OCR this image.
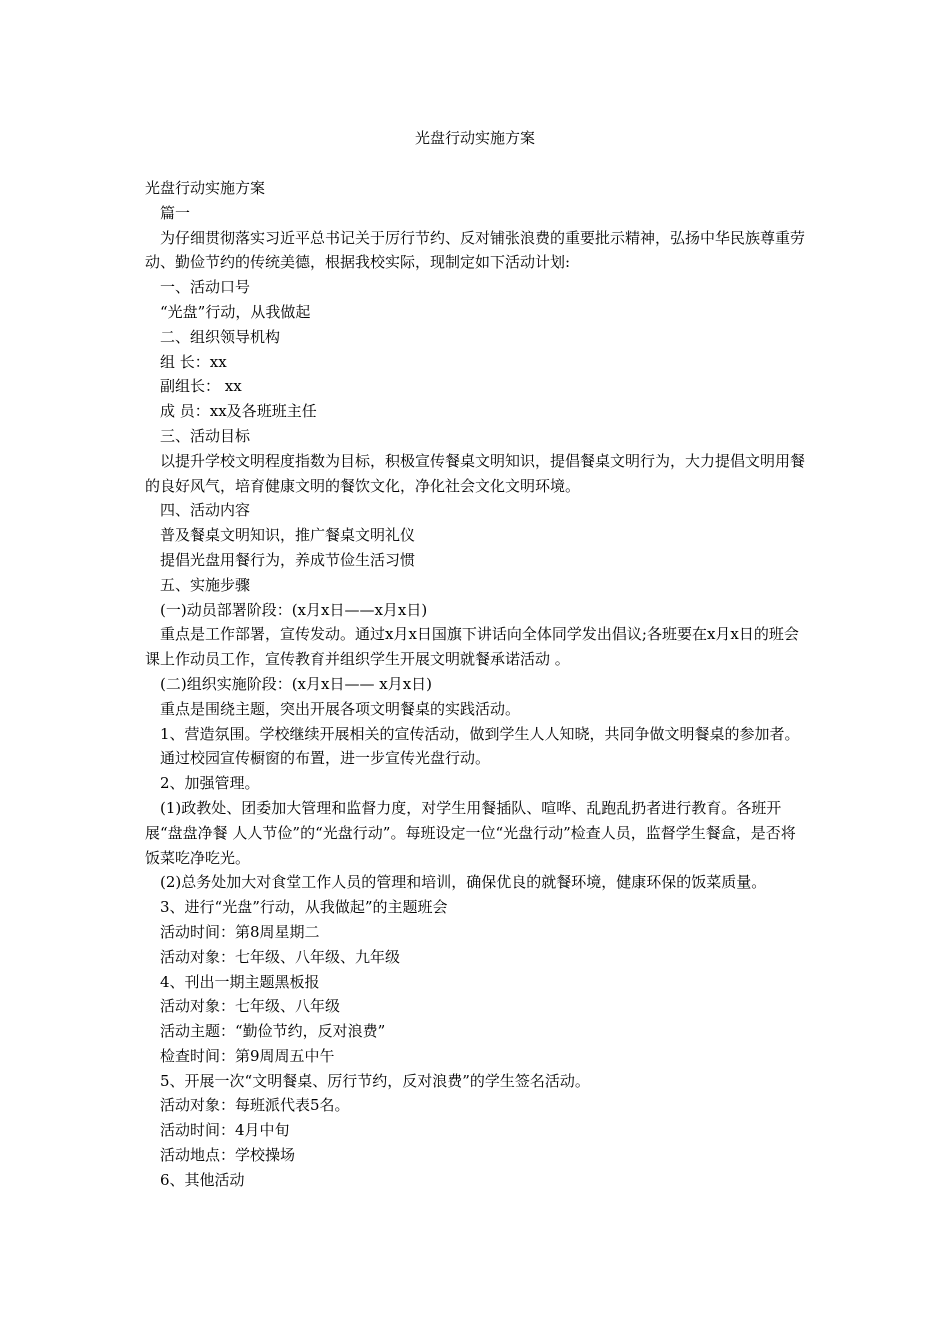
光盘行动实施方案

光盘行动实施方案

篇一

为仔细贯彻落实习近平总书记关于厉行节约、反对铺张浪费的重要批示精神，弘扬中华民族尊重劳动、勤俭节约的传统美德，根据我校实际，现制定如下活动计划:

一、活动口号

“光盘”行动，从我做起

二、组织领导机构

组 长：xx

副组长： xx

成 员：xx及各班班主任

三、活动目标

以提升学校文明程度指数为目标，积极宣传餐桌文明知识，提倡餐桌文明行为，大力提倡文明用餐的良好风气，培育健康文明的餐饮文化，净化社会文化文明环境。

四、活动内容

普及餐桌文明知识，推广餐桌文明礼仪

提倡光盘用餐行为，养成节俭生活习惯

五、实施步骤

(一)动员部署阶段：(x月x日——x月x日)

重点是工作部署，宣传发动。通过x月x日国旗下讲话向全体同学发出倡议;各班要在x月x日的班会课上作动员工作，宣传教育并组织学生开展文明就餐承诺活动 。

(二)组织实施阶段：(x月x日—— x月x日)

重点是围绕主题，突出开展各项文明餐桌的实践活动。

1、营造氛围。学校继续开展相关的宣传活动，做到学生人人知晓，共同争做文明餐桌的参加者。

通过校园宣传橱窗的布置，进一步宣传光盘行动。

2、加强管理。

(1)政教处、团委加大管理和监督力度，对学生用餐插队、喧哗、乱跑乱扔者进行教育。各班开展“盘盘净餐 人人节俭”的“光盘行动”。每班设定一位“光盘行动”检查人员，监督学生餐盒，是否将饭菜吃净吃光。

(2)总务处加大对食堂工作人员的管理和培训，确保优良的就餐环境，健康环保的饭菜质量。

3、进行“光盘”行动，从我做起”的主题班会

活动时间：第8周星期二

活动对象：七年级、八年级、九年级

4、刊出一期主题黑板报

活动对象：七年级、八年级

活动主题：“勤俭节约，反对浪费”

检查时间：第9周周五中午

5、开展一次“文明餐桌、厉行节约，反对浪费”的学生签名活动。

活动对象：每班派代表5名。

活动时间：4月中旬

活动地点：学校操场

6、其他活动
